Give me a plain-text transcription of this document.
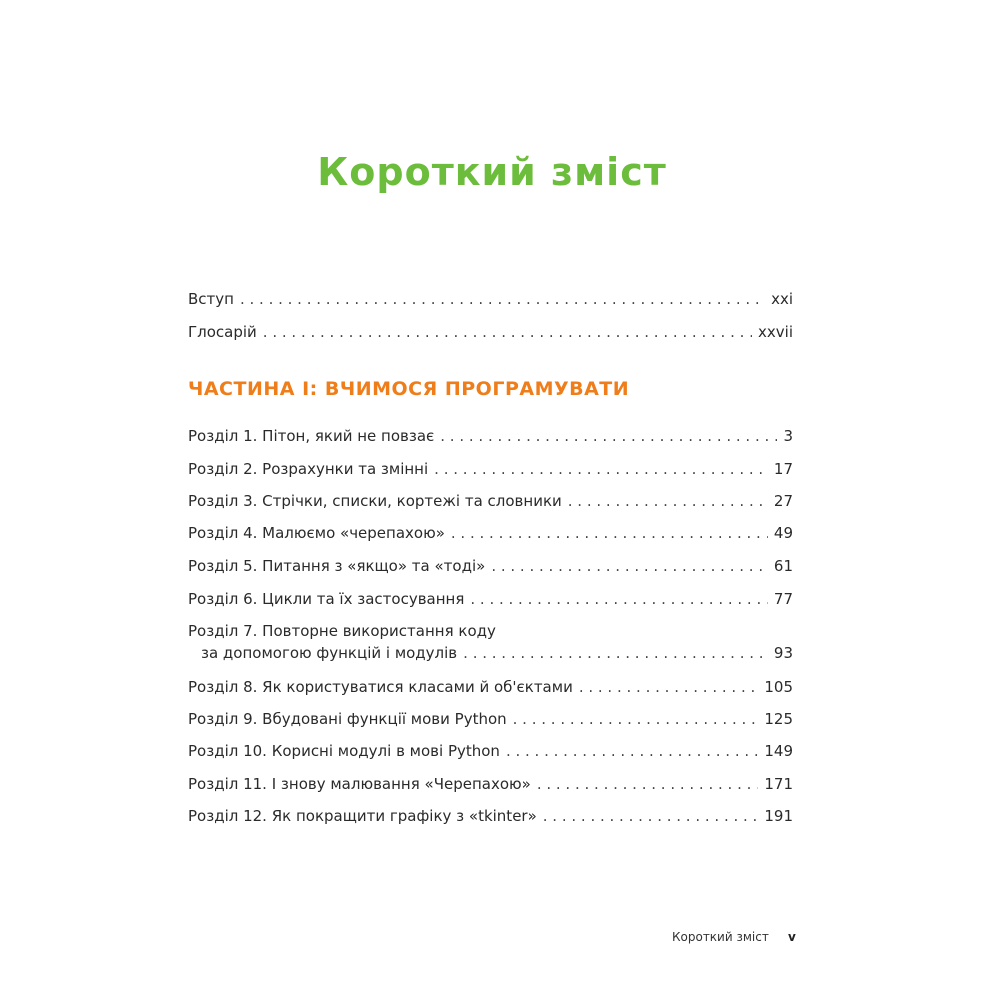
Короткий зміст
Вступ . . .	xxi
Глосарій . . .	xxvii
ЧАСТИНА I: ВЧИМОСЯ ПРОГРАМУВАТИ
Розділ 1. Пітон, який не повзає . . .	3
Розділ 2. Розрахунки та змінні . . .	17
Розділ 3. Стрічки, списки, кортежі та словники . . .	27
Розділ 4. Малюємо «черепахою» . . .	49
Розділ 5. Питання з «якщо» та «тоді» . . .	61
Розділ 6. Цикли та їх застосування . . .	77
Розділ 7. Повторне використання коду
за допомогою функцій і модулів . . .	93
Розділ 8. Як користуватися класами й об'єктами . . .	105
Розділ 9. Вбудовані функції мови Python . . .	125
Розділ 10. Корисні модулі в мові Python . . .	149
Розділ 11. І знову малювання «Черепахою» . . .	171
Розділ 12. Як покращити графіку з «tkinter» . . .	191
Короткий зміст v
